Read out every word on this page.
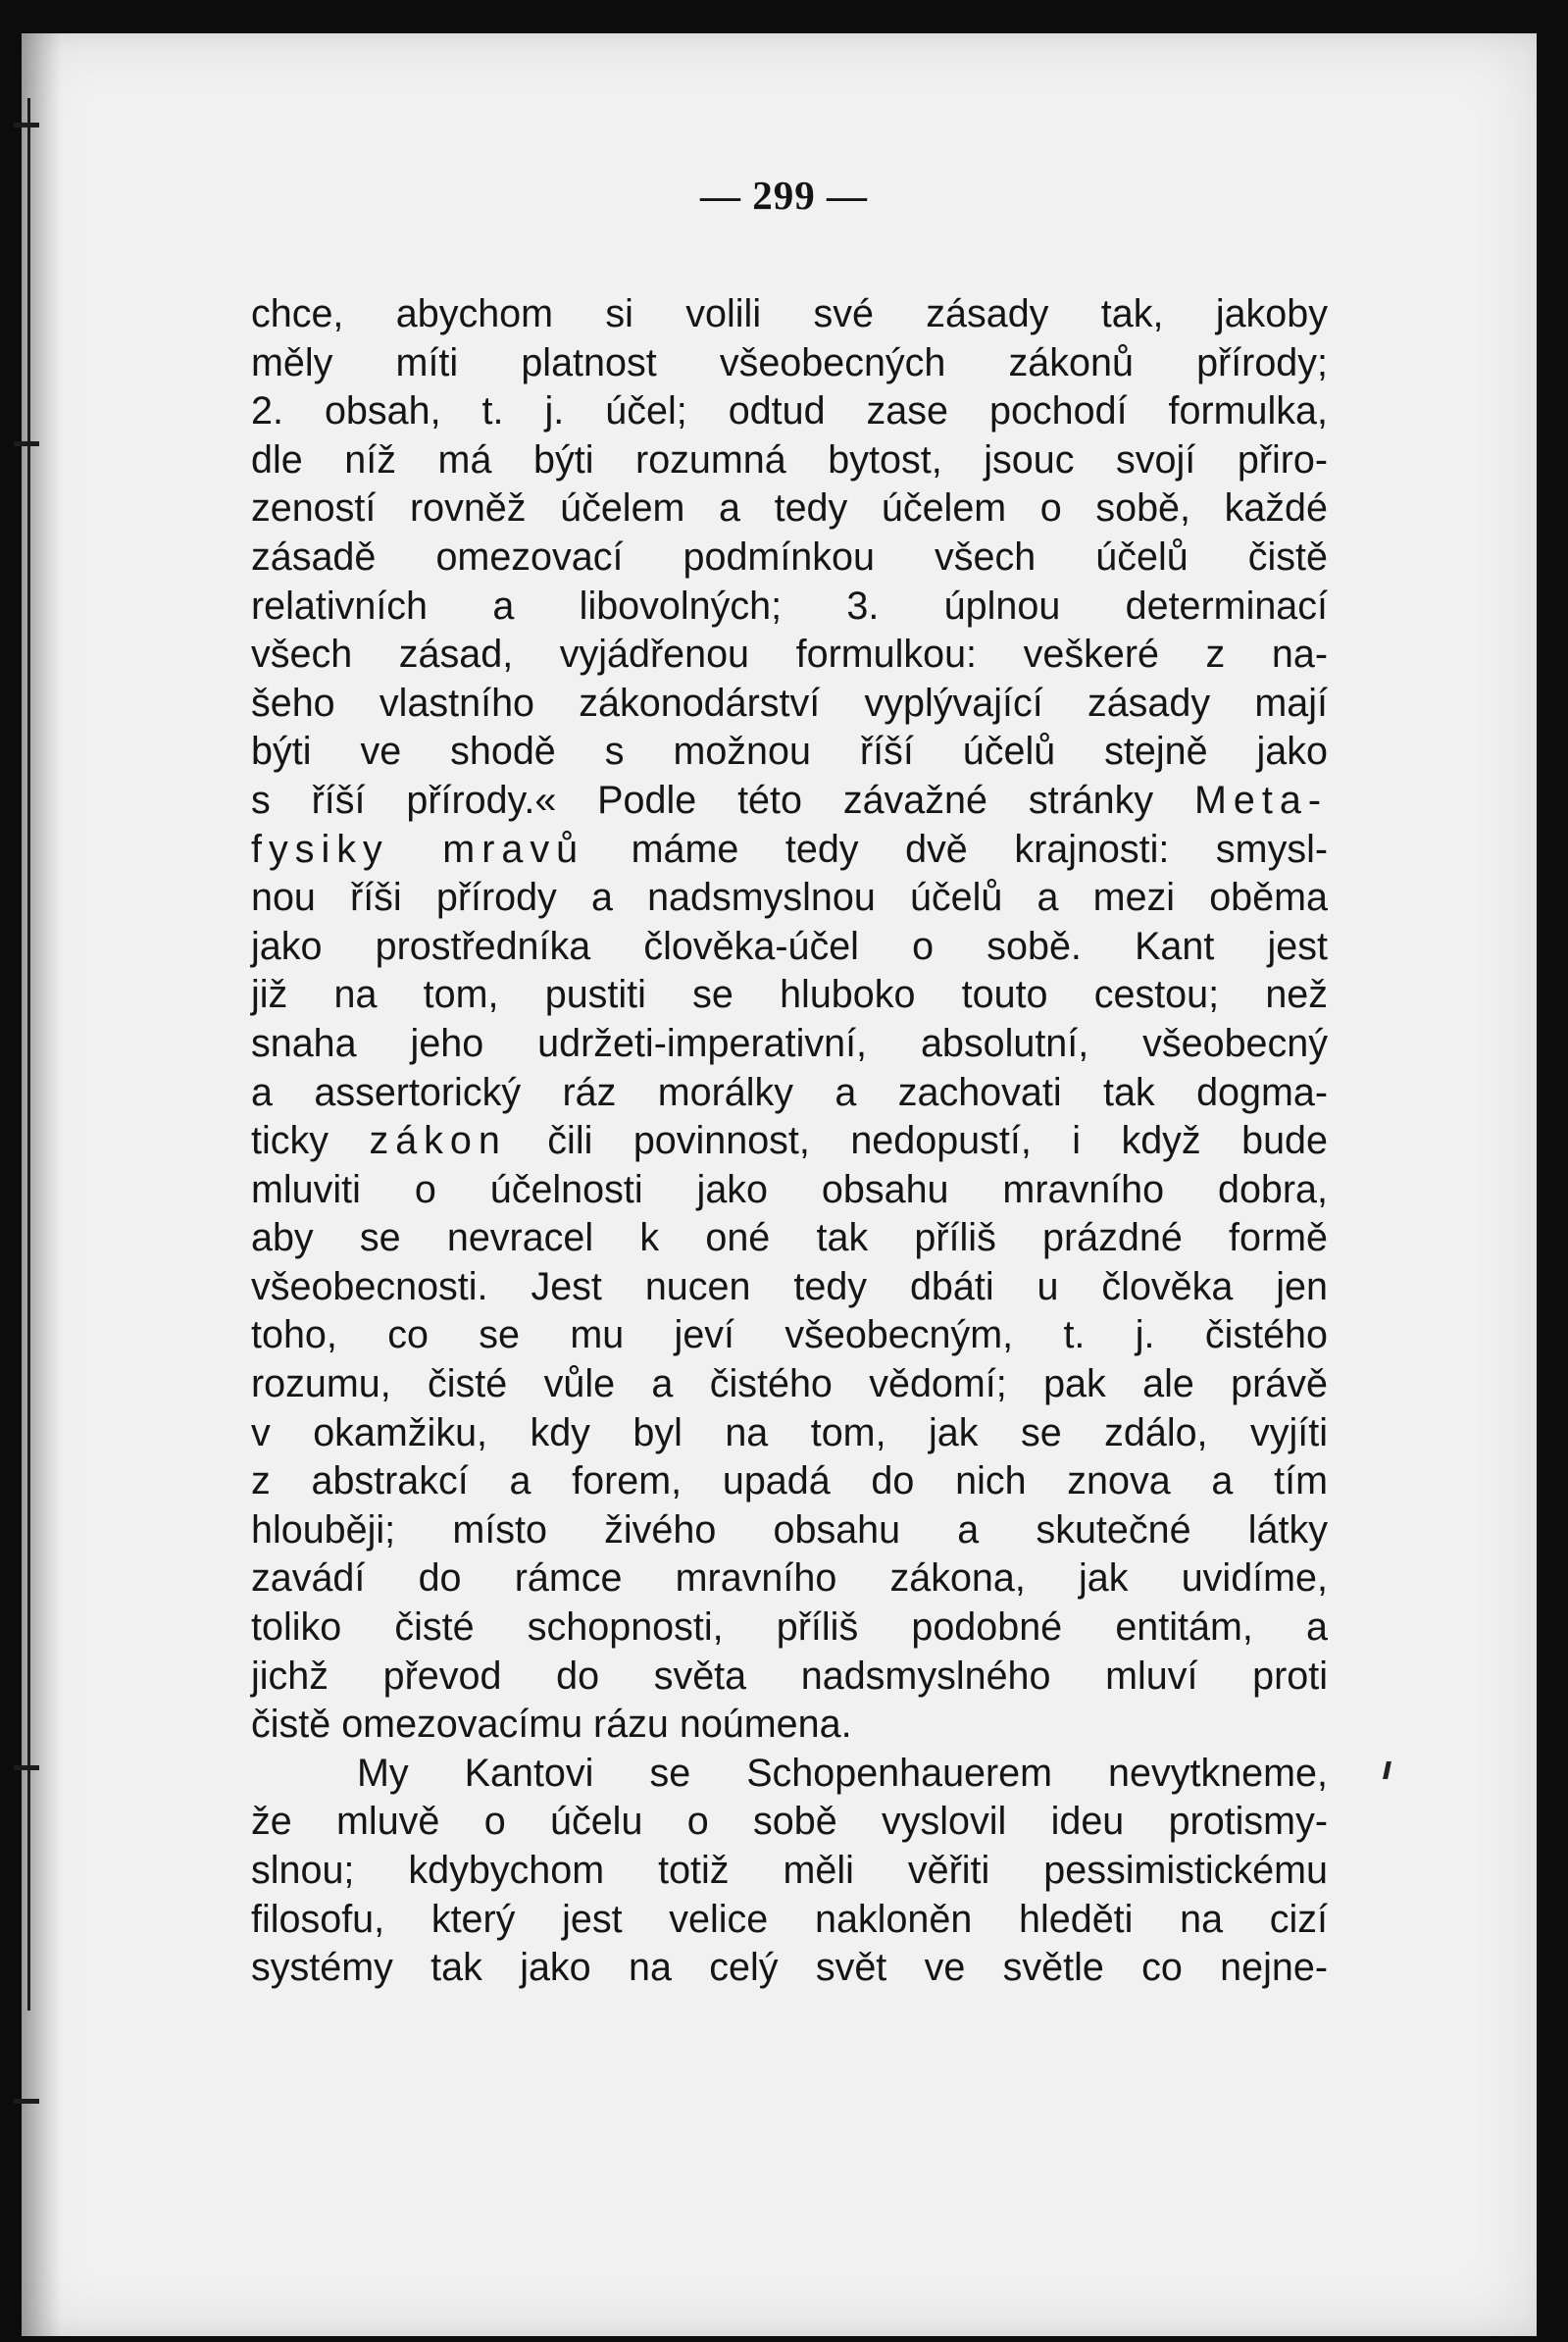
— 299 —
chce, abychom si volili své zásady tak, jakoby
měly míti platnost všeobecných zákonů přírody;
2. obsah, t. j. účel; odtud zase pochodí formulka,
dle níž má býti rozumná bytost, jsouc svojí přiro-
zeností rovněž účelem a tedy účelem o sobě, každé
zásadě omezovací podmínkou všech účelů čistě
relativních a libovolných; 3. úplnou determinací
všech zásad, vyjádřenou formulkou: veškeré z na-
šeho vlastního zákonodárství vyplývající zásady mají
býti ve shodě s možnou říší účelů stejně jako
s říší přírody.« Podle této závažné stránky Meta-
fysiky mravů máme tedy dvě krajnosti: smysl-
nou říši přírody a nadsmyslnou účelů a mezi oběma
jako prostředníka člověka-účel o sobě. Kant jest
již na tom, pustiti se hluboko touto cestou; než
snaha jeho udržeti-imperativní, absolutní, všeobecný
a assertorický ráz morálky a zachovati tak dogma-
ticky zákon čili povinnost, nedopustí, i když bude
mluviti o účelnosti jako obsahu mravního dobra,
aby se nevracel k oné tak příliš prázdné formě
všeobecnosti. Jest nucen tedy dbáti u člověka jen
toho, co se mu jeví všeobecným, t. j. čistého
rozumu, čisté vůle a čistého vědomí; pak ale právě
v okamžiku, kdy byl na tom, jak se zdálo, vyjíti
z abstrakcí a forem, upadá do nich znova a tím
hlouběji; místo živého obsahu a skutečné látky
zavádí do rámce mravního zákona, jak uvidíme,
toliko čisté schopnosti, příliš podobné entitám, a
jichž převod do světa nadsmyslného mluví proti
čistě omezovacímu rázu noúmena.
My Kantovi se Schopenhauerem nevytkneme,
že mluvě o účelu o sobě vyslovil ideu protismy-
slnou; kdybychom totiž měli věřiti pessimistickému
filosofu, který jest velice nakloněn hleděti na cizí
systémy tak jako na celý svět ve světle co nejne-
